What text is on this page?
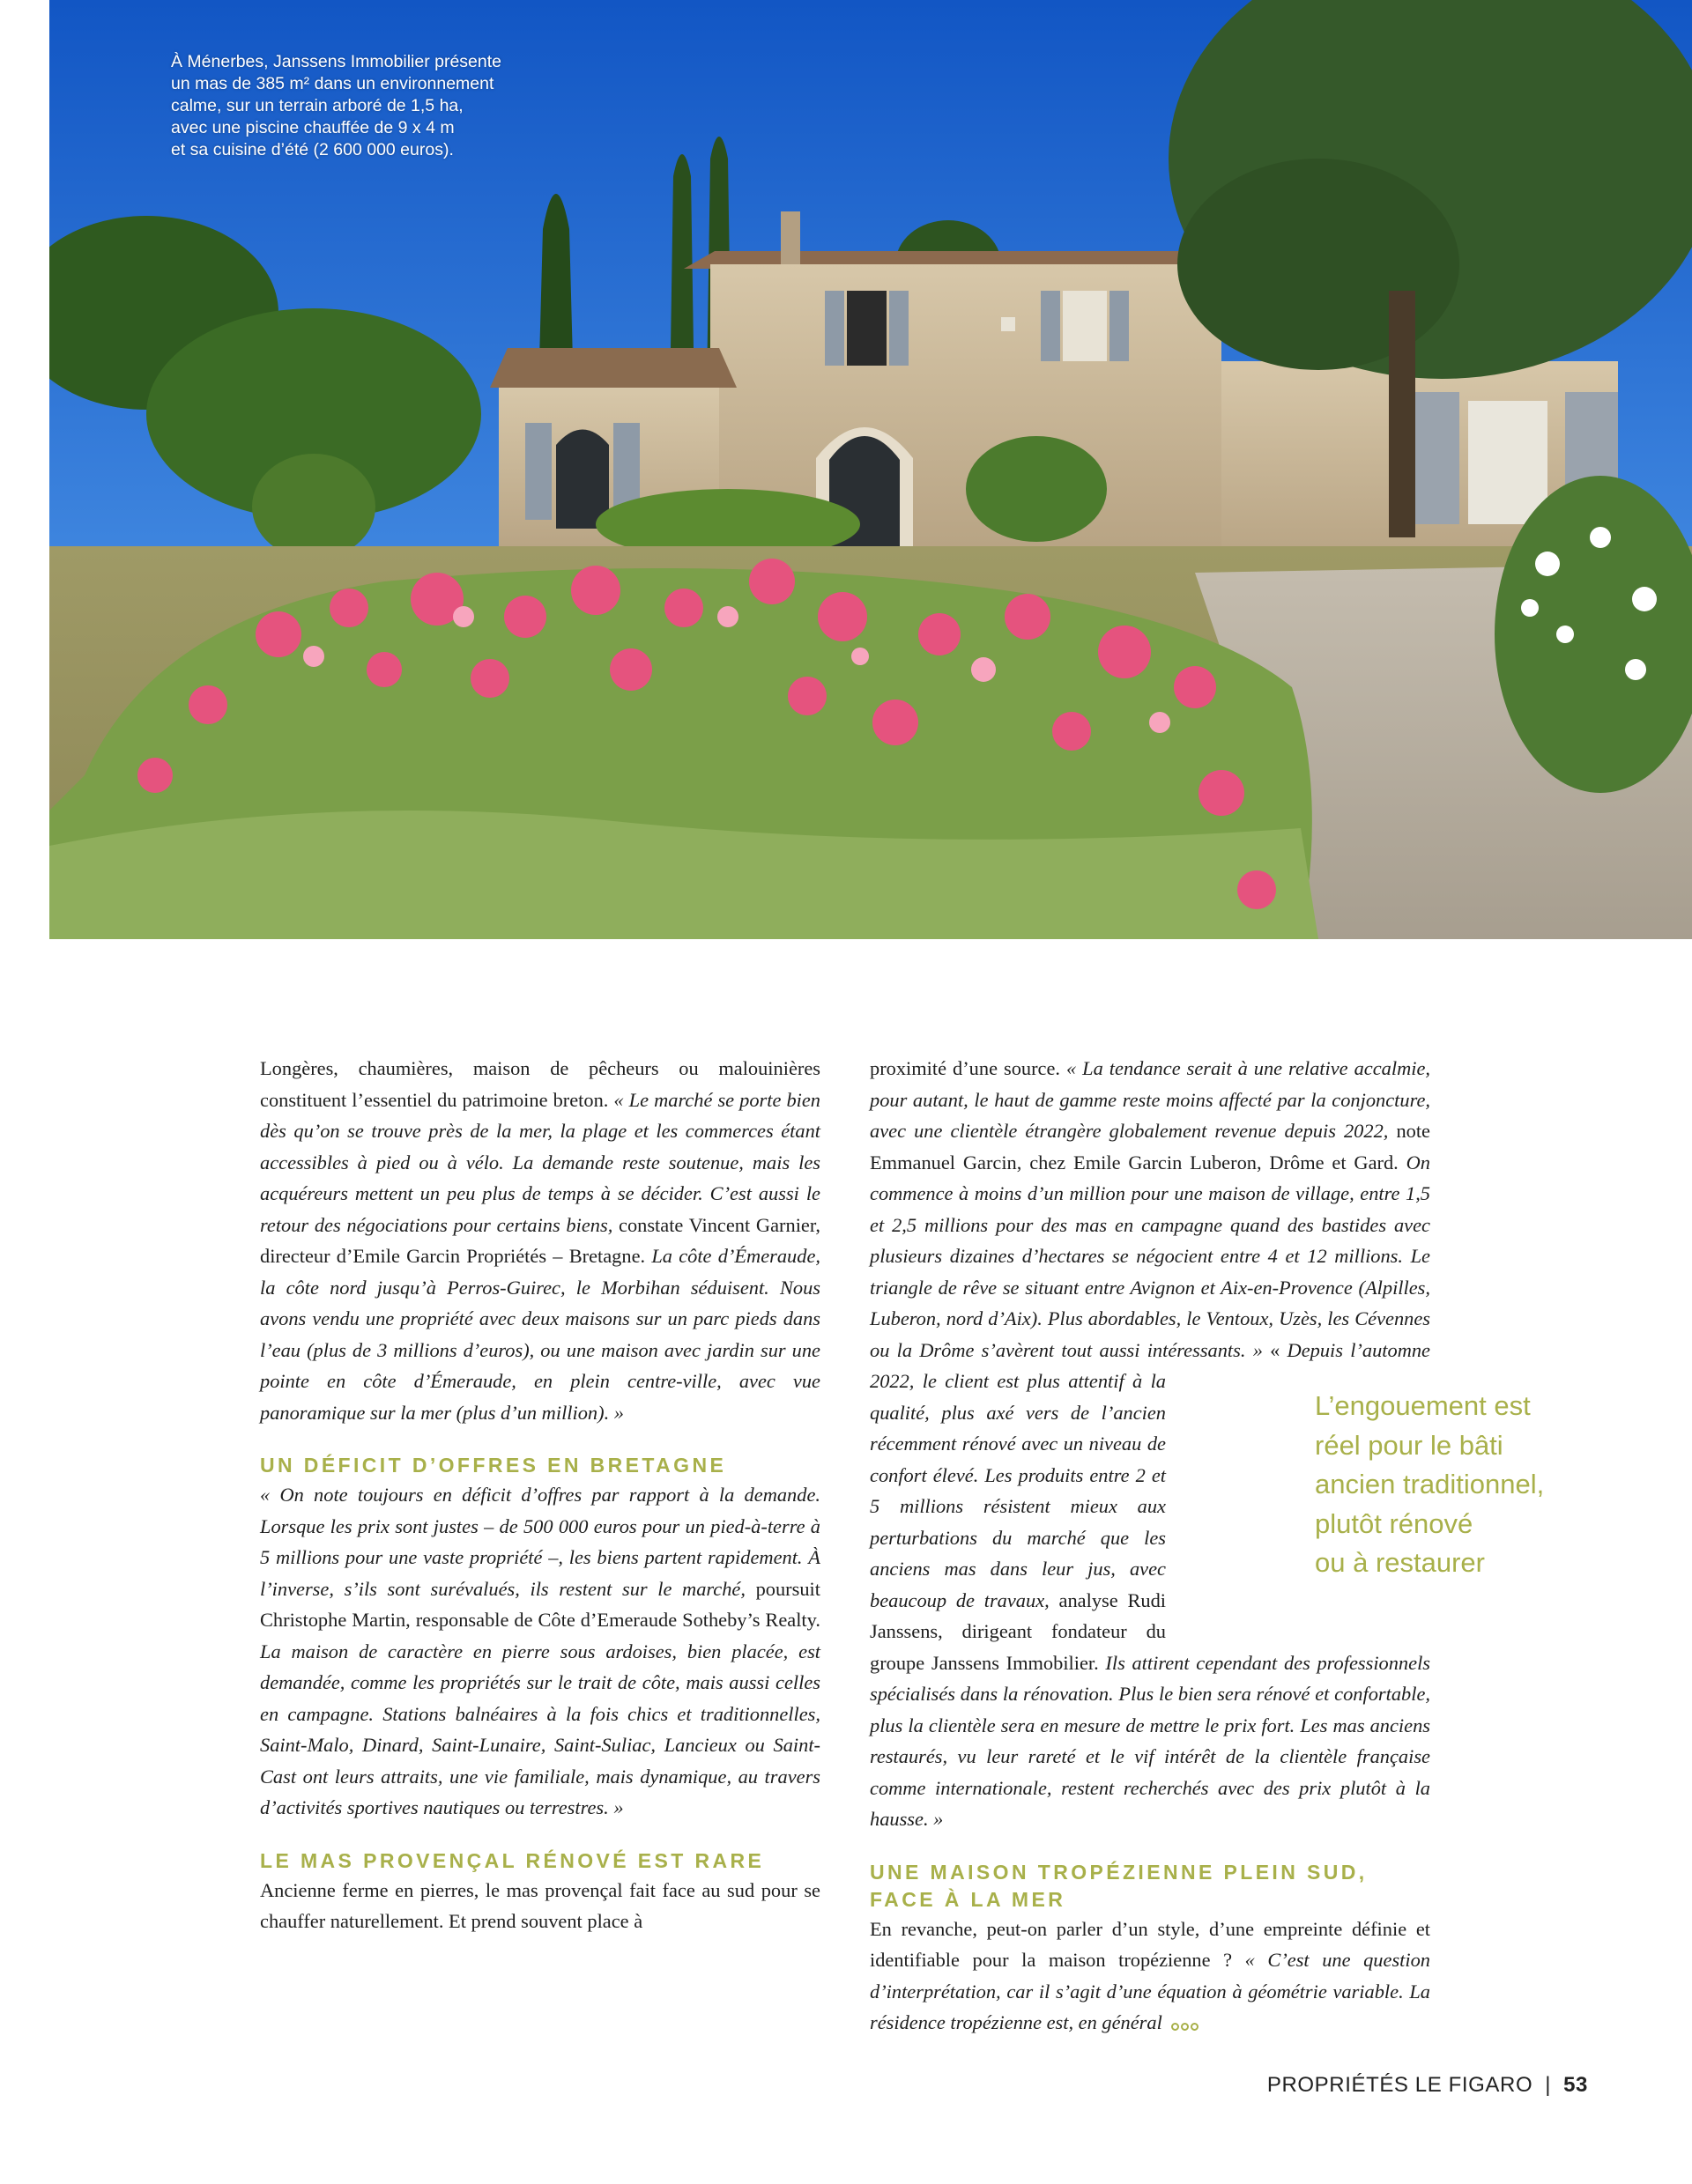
À Ménerbes, Janssens Immobilier présente
un mas de 385 m² dans un environnement
calme, sur un terrain arboré de 1,5 ha,
avec une piscine chauffée de 9 x 4 m
et sa cuisine d’été (2 600 000 euros).

Longères, chaumières, maison de pêcheurs ou malouinières constituent l’essentiel du patrimoine breton. « Le marché se porte bien dès qu’on se trouve près de la mer, la plage et les commerces étant accessibles à pied ou à vélo. La demande reste soutenue, mais les acquéreurs mettent un peu plus de temps à se décider. C’est aussi le retour des négociations pour certains biens, constate Vincent Garnier, directeur d’Emile Garcin Propriétés – Bretagne. La côte d’Émeraude, la côte nord jusqu’à Perros-Guirec, le Morbihan séduisent. Nous avons vendu une propriété avec deux maisons sur un parc pieds dans l’eau (plus de 3 millions d’euros), ou une maison avec jardin sur une pointe en côte d’Émeraude, en plein centre-ville, avec vue panoramique sur la mer (plus d’un million). »

UN DÉFICIT D’OFFRES EN BRETAGNE

« On note toujours en déficit d’offres par rapport à la demande. Lorsque les prix sont justes – de 500 000 euros pour un pied-à-terre à 5 millions pour une vaste propriété –, les biens partent rapidement. À l’inverse, s’ils sont surévalués, ils restent sur le marché, poursuit Christophe Martin, responsable de Côte d’Emeraude Sotheby’s Realty. La maison de caractère en pierre sous ardoises, bien placée, est demandée, comme les propriétés sur le trait de côte, mais aussi celles en campagne. Stations balnéaires à la fois chics et traditionnelles, Saint-Malo, Dinard, Saint-Lunaire, Saint-Suliac, Lancieux ou Saint-Cast ont leurs attraits, une vie familiale, mais dynamique, au travers d’activités sportives nautiques ou terrestres. »

LE MAS PROVENÇAL RÉNOVÉ EST RARE

Ancienne ferme en pierres, le mas provençal fait face au sud pour se chauffer naturellement. Et prend souvent place à

proximité d’une source. « La tendance serait à une relative accalmie, pour autant, le haut de gamme reste moins affecté par la conjoncture, avec une clientèle étrangère globalement revenue depuis 2022, note Emmanuel Garcin, chez Emile Garcin Luberon, Drôme et Gard. On commence à moins d’un million pour une maison de village, entre 1,5 et 2,5 millions pour des mas en campagne quand des bastides avec plusieurs dizaines d’hectares se négocient entre 4 et 12 millions. Le triangle de rêve se situant entre Avignon et Aix-en-Provence (Alpilles, Luberon, nord d’Aix). Plus abordables, le Ventoux, Uzès, les Cévennes ou la Drôme s’avèrent tout aussi intéressants. » «
Depuis l’automne 2022, le client est plus attentif à la qualité, plus axé vers de l’ancien récemment rénové avec un niveau de confort élevé. Les produits entre 2 et 5 millions résistent mieux aux perturbations du marché que les anciens mas dans leur jus, avec beaucoup de travaux, analyse Rudi Janssens, dirigeant fondateur du groupe Janssens Immobilier. Ils attirent cependant des professionnels spécialisés dans la rénovation. Plus le bien sera rénové et confortable, plus la clientèle sera en mesure de mettre le prix fort. Les mas anciens restaurés, vu leur rareté et le vif intérêt de la clientèle française comme internationale, restent recherchés avec des prix plutôt à la hausse. »

UNE MAISON TROPÉZIENNE PLEIN SUD,
FACE À LA MER

En revanche, peut-on parler d’un style, d’une empreinte définie et identifiable pour la maison tropézienne ? « C’est une question d’interprétation, car il s’agit d’une équation à géométrie variable. La résidence tropézienne est, en général

L’engouement est
réel pour le bâti
ancien traditionnel,
plutôt rénové
ou à restaurer
PROPRIÉTÉS LE FIGARO | 53
